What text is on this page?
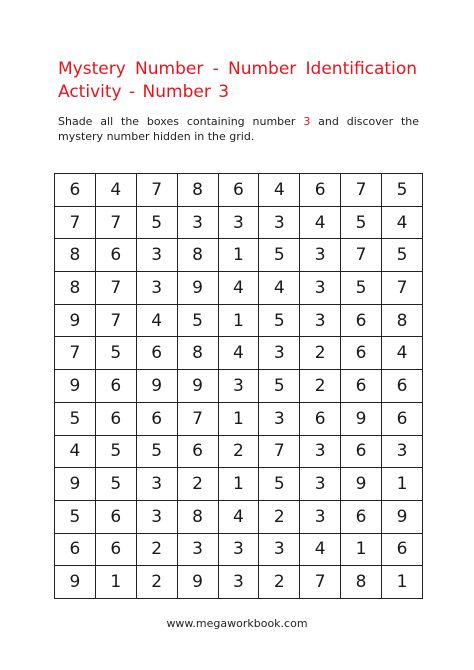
Mystery Number - Number Identification Activity - Number 3

Shade all the boxes containing number 3 and discover the mystery number hidden in the grid.

6	4	7	8	6	4	6	7	5
7	7	5	3	3	3	4	5	4
8	6	3	8	1	5	3	7	5
8	7	3	9	4	4	3	5	7
9	7	4	5	1	5	3	6	8
7	5	6	8	4	3	2	6	4
9	6	9	9	3	5	2	6	6
5	6	6	7	1	3	6	9	6
4	5	5	6	2	7	3	6	3
9	5	3	2	1	5	3	9	1
5	6	3	8	4	2	3	6	9
6	6	2	3	3	3	4	1	6
9	1	2	9	3	2	7	8	1
www.megaworkbook.com
